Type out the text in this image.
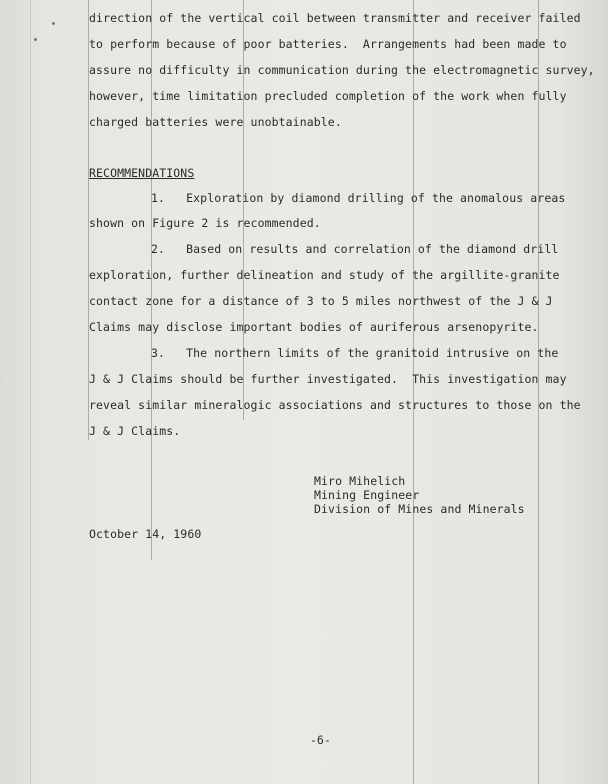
direction of the vertical coil between transmitter and receiver failed
to perform because of poor batteries.  Arrangements had been made to
assure no difficulty in communication during the electromagnetic survey,
however, time limitation precluded completion of the work when fully
charged batteries were unobtainable.
RECOMMENDATIONS
1.   Exploration by diamond drilling of the anomalous areas
shown on Figure 2 is recommended.
2.   Based on results and correlation of the diamond drill
exploration, further delineation and study of the argillite-granite
contact zone for a distance of 3 to 5 miles northwest of the J & J
Claims may disclose important bodies of auriferous arsenopyrite.
3.   The northern limits of the granitoid intrusive on the
J & J Claims should be further investigated.  This investigation may
reveal similar mineralogic associations and structures to those on the
J & J Claims.
Miro Mihelich
Mining Engineer
Division of Mines and Minerals
October 14, 1960
-6-
